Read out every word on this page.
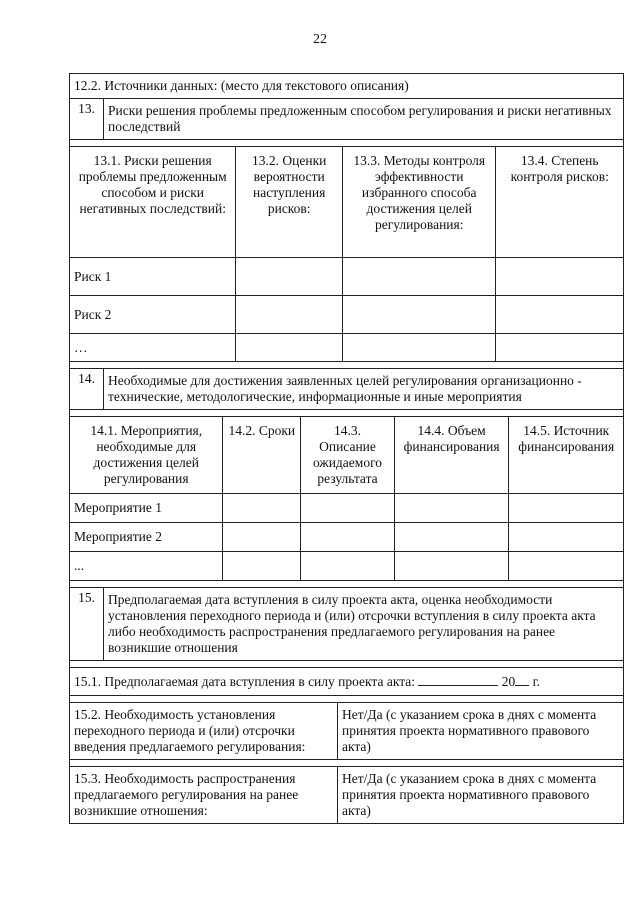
22
12.2. Источники данных: (место для текстового описания)
13. Риски решения проблемы предложенным способом регулирования и риски негативных последствий
13.1. Риски решения проблемы предложенным способом и риски негативных последствий:
13.2. Оценки вероятности наступления рисков:
13.3. Методы контроля эффективности избранного способа достижения целей регулирования:
13.4. Степень контроля рисков:
Риск 1
Риск 2
…
14. Необходимые для достижения заявленных целей регулирования организационно - технические, методологические, информационные и иные мероприятия
14.1. Мероприятия, необходимые для достижения целей регулирования
14.2. Сроки	14.3. Описание ожидаемого результата
14.4. Объем финансирования
14.5. Источник финансирования
Мероприятие 1
Мероприятие 2
...
15. Предполагаемая дата вступления в силу проекта акта, оценка необходимости установления переходного периода и (или) отсрочки вступления в силу проекта акта либо необходимость распространения предлагаемого регулирования на ранее возникшие отношения
15.1. Предполагаемая дата вступления в силу проекта акта:	20 г.
15.2. Необходимость установления переходного периода и (или) отсрочки введения предлагаемого регулирования:
Нет/Да (с указанием срока в днях с момента принятия проекта нормативного правового акта)
15.3. Необходимость распространения предлагаемого регулирования на ранее возникшие отношения:
Нет/Да (с указанием срока в днях с момента принятия проекта нормативного правового акта)
